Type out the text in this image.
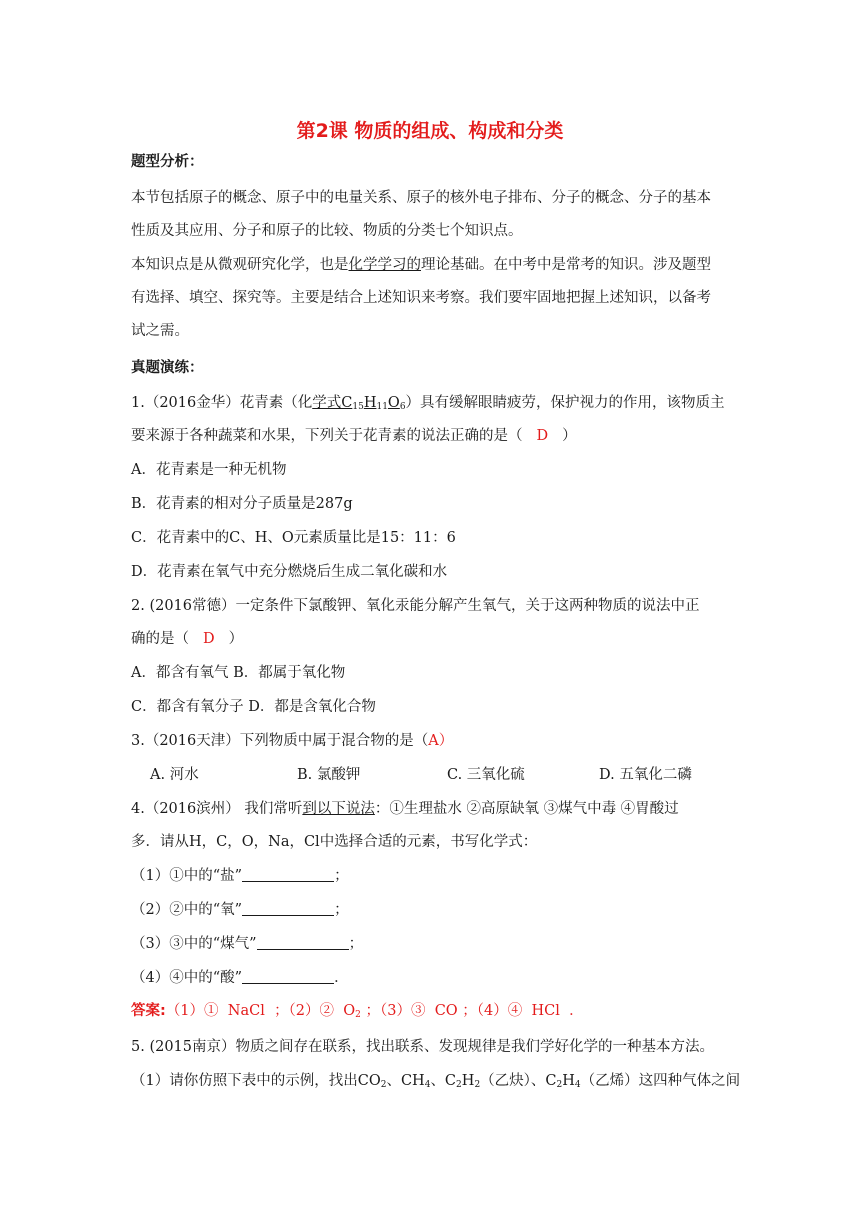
第2课 物质的组成、构成和分类
题型分析：
本节包括原子的概念、原子中的电量关系、原子的核外电子排布、分子的概念、分子的基本
性质及其应用、分子和原子的比较、物质的分类七个知识点。
本知识点是从微观研究化学，也是化学学习的理论基础。在中考中是常考的知识。涉及题型
有选择、填空、探究等。主要是结合上述知识来考察。我们要牢固地把握上述知识，以备考
试之需。
真题演练：
1.（2016金华）花青素（化学式$C_{15}H_{11}O_6$）具有缓解眼睛疲劳，保护视力的作用，该物质主
要来源于各种蔬菜和水果，下列关于花青素的说法正确的是（ D ）
A．花青素是一种无机物
B．花青素的相对分子质量是287g
C．花青素中的C、H、O元素质量比是15：11：6
D．花青素在氧气中充分燃烧后生成二氧化碳和水
2. (2016常德）一定条件下氯酸钾、氧化汞能分解产生氧气，关于这两种物质的说法中正
确的是（ D ）
A．都含有氧气 B．都属于氧化物
C．都含有氧分子 D．都是含氧化合物
3.（2016天津）下列物质中属于混合物的是（A）
A. 河水	B. 氯酸钾	C. 三氧化硫	D. 五氧化二磷
4.（2016滨州） 我们常听到以下说法：①生理盐水 ②高原缺氧 ③煤气中毒 ④胃酸过
多．请从H，C，O，Na，Cl中选择合适的元素，书写化学式：
（1）①中的“盐”	；
（2）②中的“氧”	；
（3）③中的“煤气”	；
（4）④中的“酸”	．
答案:（1）① NaCl ；（2）② $O_2$ ；（3）③ CO ；（4）④ HCl ．
5. (2015南京）物质之间存在联系，找出联系、发现规律是我们学好化学的一种基本方法。
（1）请你仿照下表中的示例，找出$CO_2$、$CH_4$、$C_2H_2$（乙炔）、$C_2H_4$（乙烯）这四种气体之间
